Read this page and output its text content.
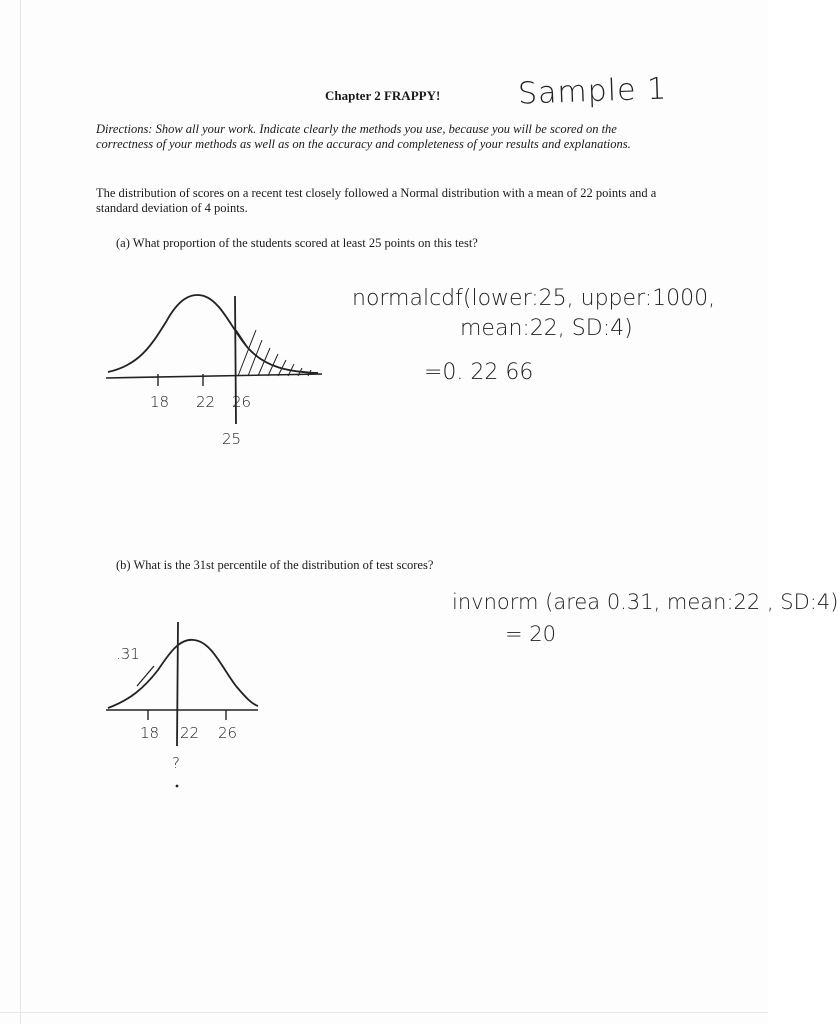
Chapter 2 FRAPPY!	Sample 1
Directions: Show all your work. Indicate clearly the methods you use, because you will be scored on the correctness of your methods as well as on the accuracy and completeness of your results and explanations.
The distribution of scores on a recent test closely followed a Normal distribution with a mean of 22 points and a standard deviation of 4 points.
(a) What proportion of the students scored at least 25 points on this test?
18 22 26
25
normalcdf(lower:25, upper:1000,
mean:22, SD:4)
=0. 22 66
(b) What is the 31st percentile of the distribution of test scores?
invnorm (area 0.31, mean:22 , SD:4)
= 20
.31
18 22 26
?
